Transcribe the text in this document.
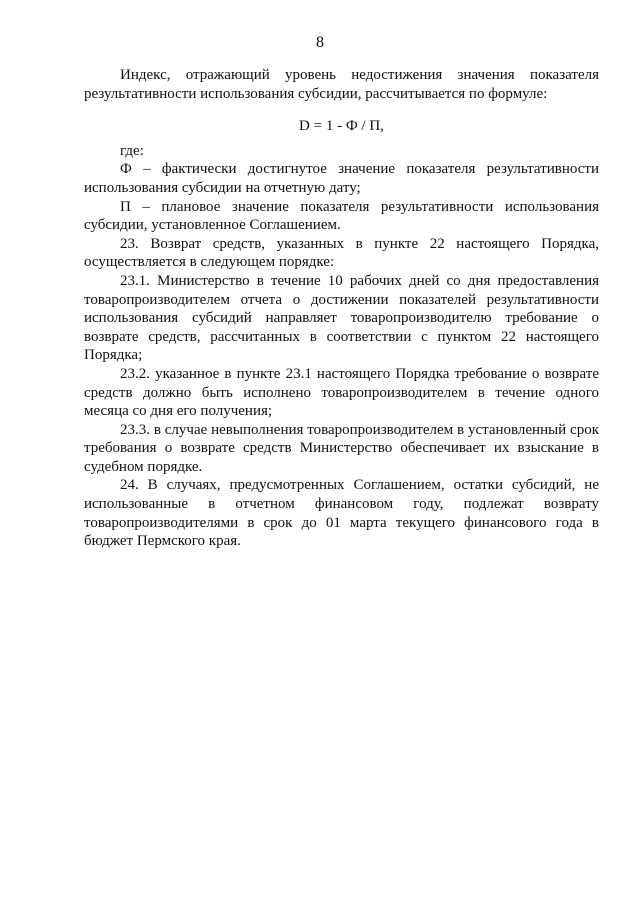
8

Индекс, отражающий уровень недостижения значения показателя результативности использования субсидии, рассчитывается по формуле:

D = 1 - Ф / П,

где:

Ф – фактически достигнутое значение показателя результативности использования субсидии на отчетную дату;

П – плановое значение показателя результативности использования субсидии, установленное Соглашением.

23. Возврат средств, указанных в пункте 22 настоящего Порядка, осуществляется в следующем порядке:

23.1. Министерство в течение 10 рабочих дней со дня предоставления товаропроизводителем отчета о достижении показателей результативности использования субсидий направляет товаропроизводителю требование о возврате средств, рассчитанных в соответствии с пунктом 22 настоящего Порядка;

23.2. указанное в пункте 23.1 настоящего Порядка требование о возврате средств должно быть исполнено товаропроизводителем в течение одного месяца со дня его получения;

23.3. в случае невыполнения товаропроизводителем в установленный срок требования о возврате средств Министерство обеспечивает их взыскание в судебном порядке.

24. В случаях, предусмотренных Соглашением, остатки субсидий, не использованные в отчетном финансовом году, подлежат возврату товаропроизводителями в срок до 01 марта текущего финансового года в бюджет Пермского края.
